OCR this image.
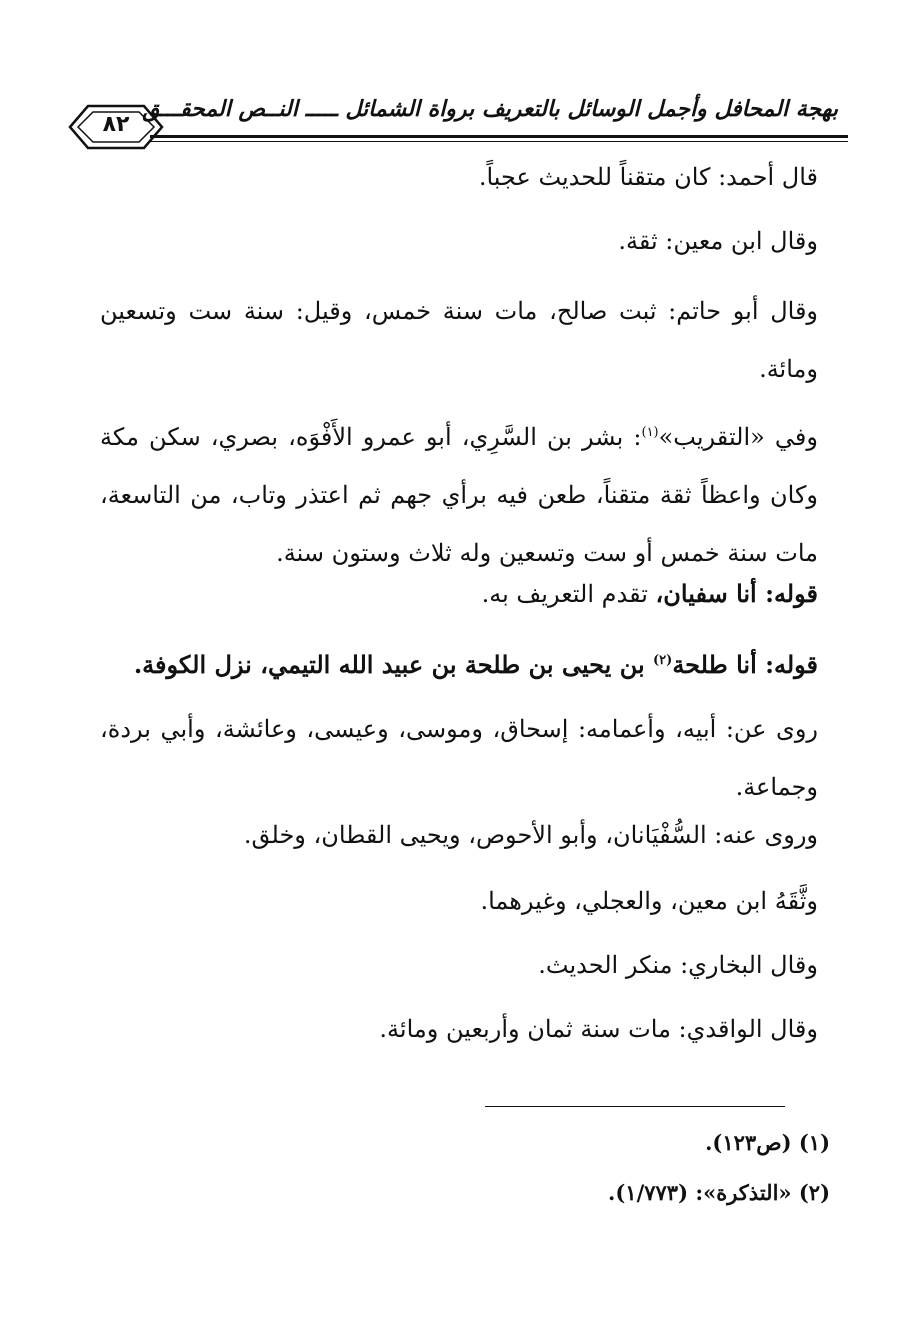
بهجة المحافل وأجمل الوسائل بالتعريف برواة الشمائل ـــــ النــص المحقـــق
٨٢

قال أحمد: كان متقناً للحديث عجباً.

وقال ابن معين: ثقة.

وقال أبو حاتم: ثبت صالح، مات سنة خمس، وقيل: سنة ست وتسعين ومائة.

وفي «التقريب»$^{(١)}$: بشر بن السَّرِي، أبو عمرو الأَفْوَه، بصري، سكن مكة وكان واعظاً ثقة متقناً، طعن فيه برأي جهم ثم اعتذر وتاب، من التاسعة، مات سنة خمس أو ست وتسعين وله ثلاث وستون سنة.

قوله: أنا سفيان، تقدم التعريف به.

قوله: أنا طلحة$^{(٢)}$ بن يحيى بن طلحة بن عبيد الله التيمي، نزل الكوفة.

روى عن: أبيه، وأعمامه: إسحاق، وموسى، وعيسى، وعائشة، وأبي بردة، وجماعة.

وروى عنه: السُّفْيَانان، وأبو الأحوص، ويحيى القطان، وخلق.

وثَّقَهُ ابن معين، والعجلي، وغيرهما.

وقال البخاري: منكر الحديث.

وقال الواقدي: مات سنة ثمان وأربعين ومائة.

(١) (ص١٢٣).
(٢) «التذكرة»: (١/٧٧٣).
